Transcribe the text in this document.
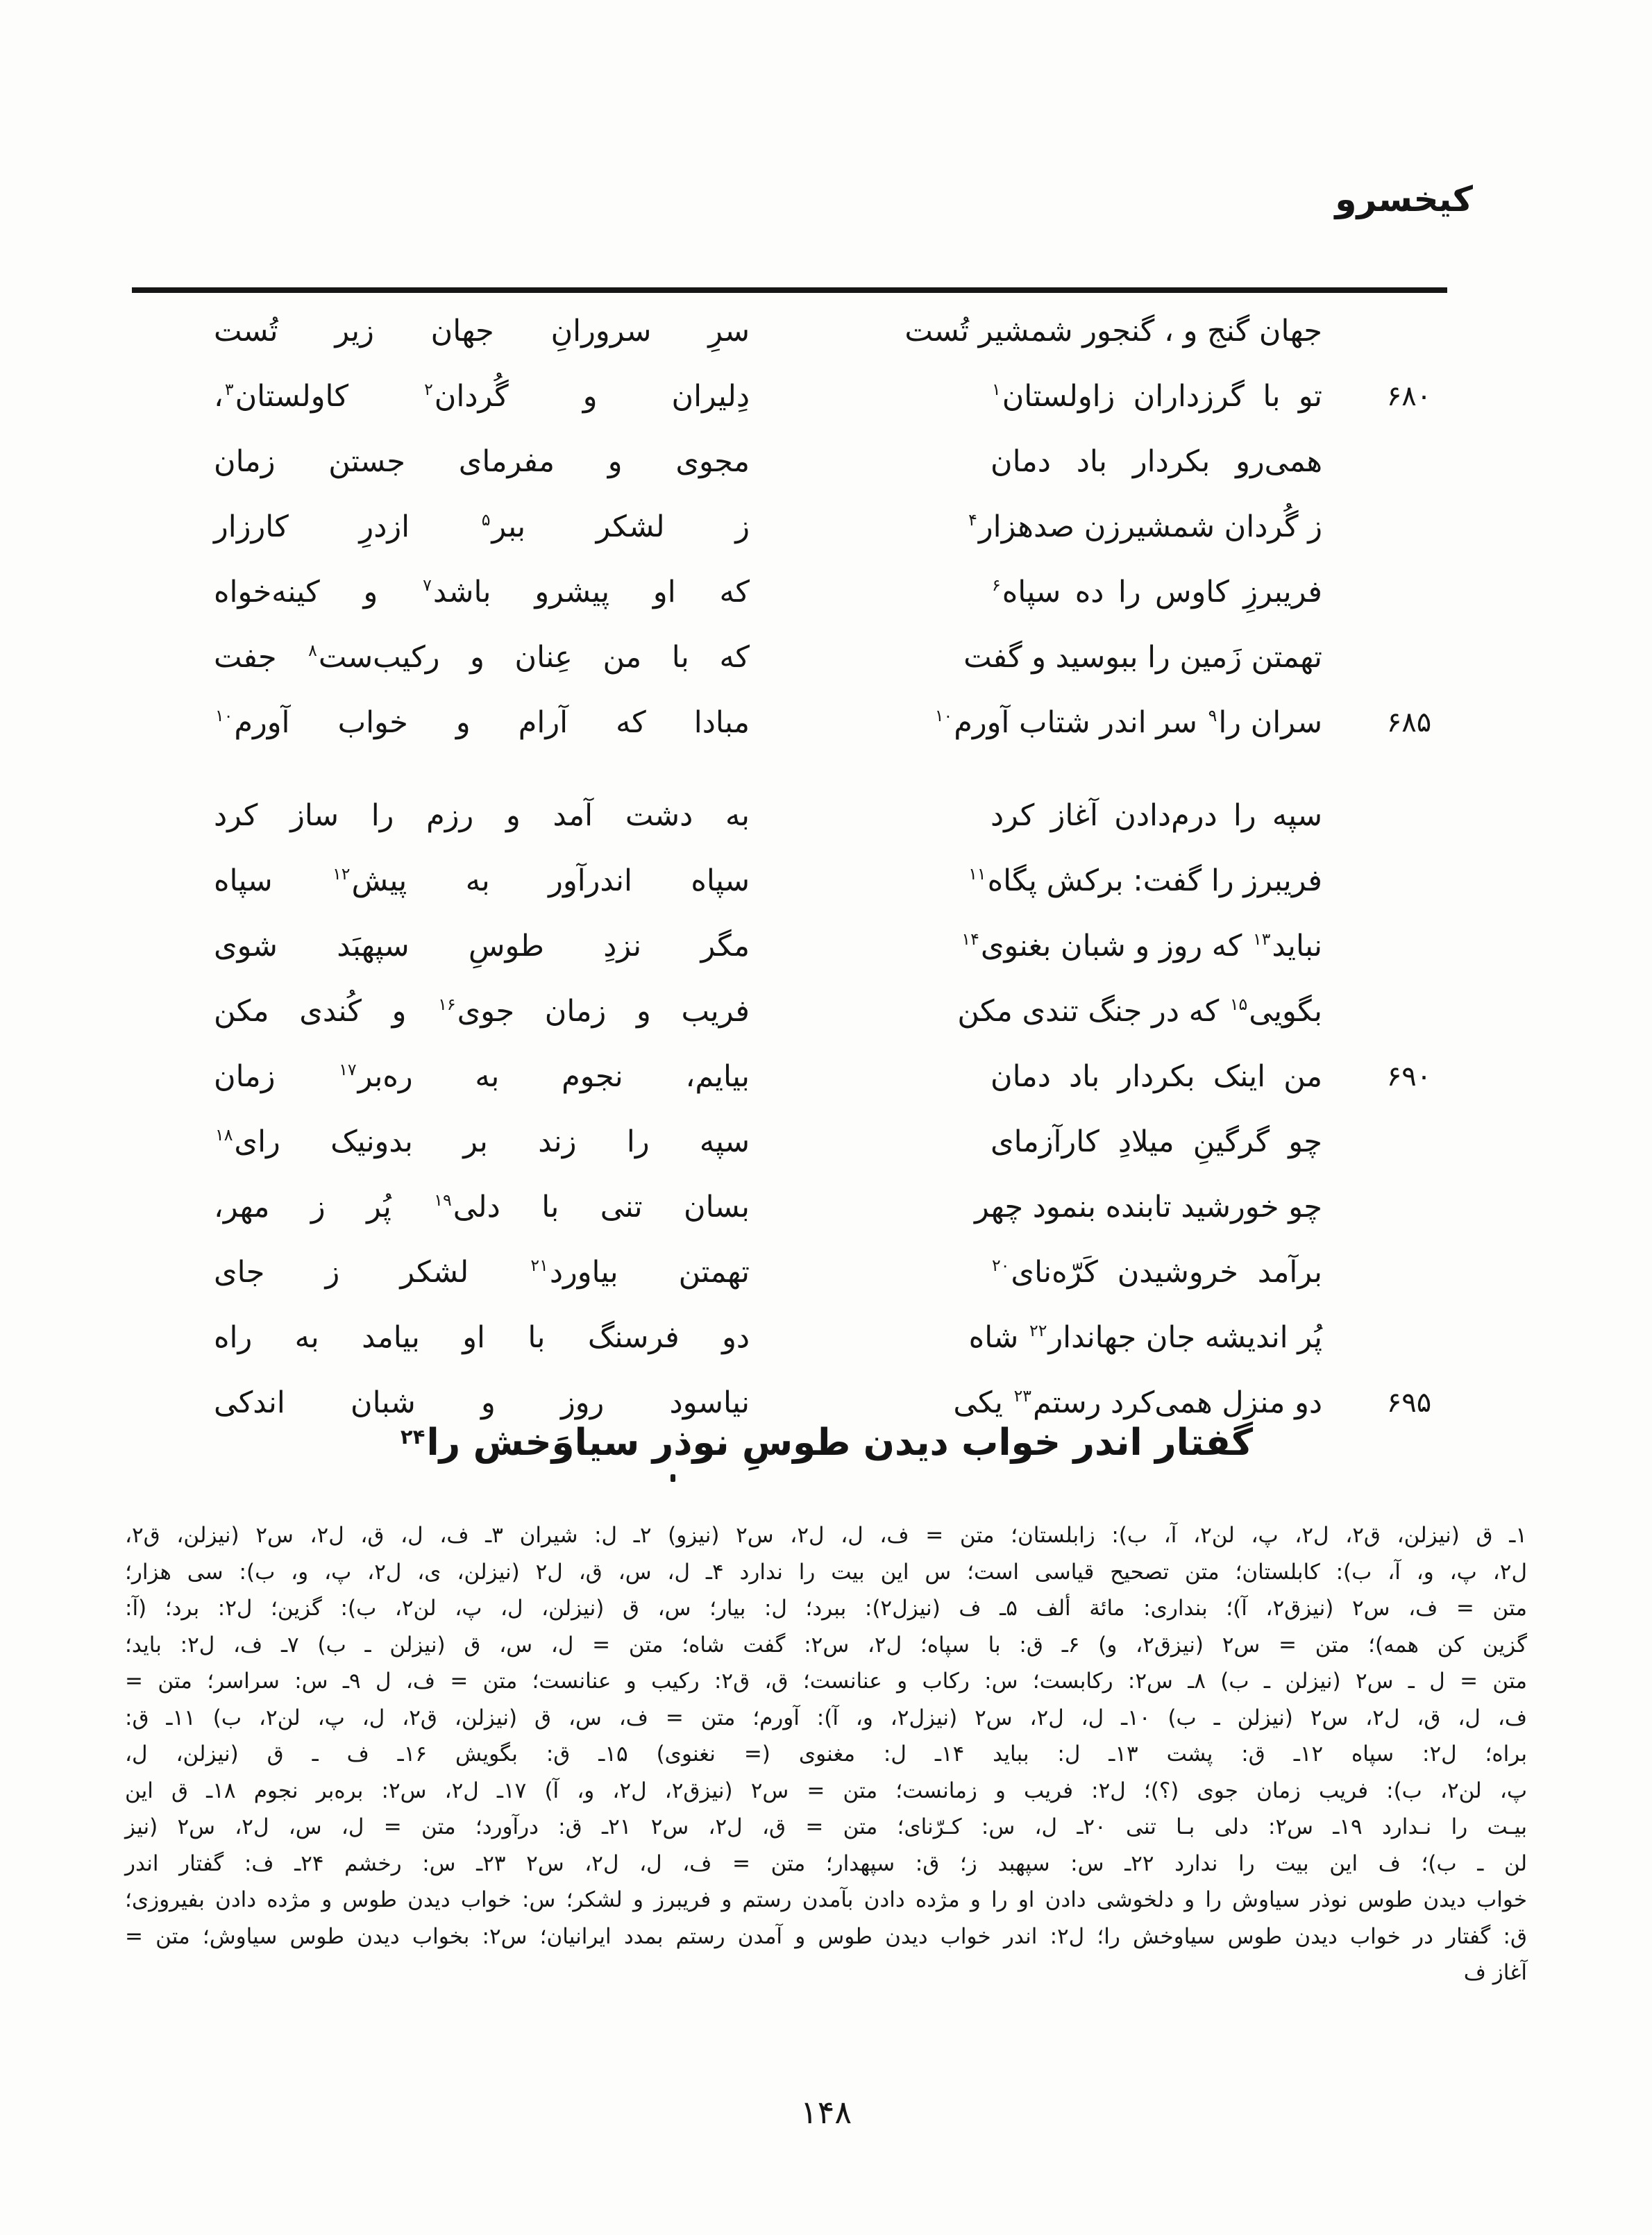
کیخسرو
جهان گنج و ، گنجور شمشیر تُست
سرِ سرورانِ جهان زیر تُست
۶۸۰
تو با گرزداران زاولستان$^۱$
دِلیران و گُردان$^۲$ کاولستان$^۳$،
همی‌رو بکردار باد دمان
مجوی و مفرمای جستن زمان
ز گُردان شمشیرزن صدهزار$^۴$
ز لشکر ببر$^۵$ ازدرِ کارزار
فریبرزِ کاوس را ده سپاه$^۶$
که او پیشرو باشد$^۷$ و کینه‌خواه
تهمتن زَمین را ببوسید و گفت
که با من عِنان و رکیب‌ست$^۸$ جفت
۶۸۵
سران را$^۹$ سر اندر شتاب آورم$^{۱۰}$
مبادا که آرام و خواب آورم$^{۱۰}$
سپه را درم‌دادن آغاز کرد
به دشت آمد و رزم را ساز کرد
فریبرز را گفت: برکش پگاه$^{۱۱}$
سپاه اندرآور به پیش$^{۱۲}$ سپاه
نباید$^{۱۳}$ که روز و شبان بغنوی$^{۱۴}$
مگر نزدِ طوسِ سپهبَد شوی
بگویی$^{۱۵}$ که در جنگ تندی مکن
فریب و زمان جوی$^{۱۶}$ و کُندی مکن
۶۹۰
من اینک بکردار باد دمان
بیایم، نجوم به ره‌بر$^{۱۷}$ زمان
چو گرگینِ میلادِ کارآزمای
سپه را زند بر بدونیک رای$^{۱۸}$
چو خورشید تابنده بنمود چهر
بسان تنی با دلی$^{۱۹}$ پُر ز مهر،
برآمد خروشیدن کَرّه‌نای$^{۲۰}$
تهمتن بیاورد$^{۲۱}$ لشکر ز جای
پُر اندیشه جان جهاندار$^{۲۲}$ شاه
دو فرسنگ با او بیامد به راه
۶۹۵
دو منزل همی‌کرد رستم$^{۲۳}$ یکی
نیاسود روز و شبان اندکی
گفتار اندر خواب دیدن طوسِ نوذر سیاوَخش را$^{۲۴}$
۱ـ ق (نیزلن، ق۲، ل۲، پ، لن۲، آ، ب): زابلستان؛ متن = ف، ل، ل۲، س۲ (نیزو) ۲ـ ل: شیران ۳ـ ف، ل، ق، ل۲، س۲ (نیزلن، ق۲،
ل۲، پ، و، آ، ب): کابلستان؛ متن تصحیح قیاسی است؛ س این بیت را ندارد ۴ـ ل، س، ق، ل۲ (نیزلن، ی، ل۲، پ، و، ب): سی هزار؛
متن = ف، س۲ (نیزق۲، آ)؛ بنداری: مائة ألف ۵ـ ف (نیزل۲): ببرد؛ ل: بیار؛ س، ق (نیزلن، ل، پ، لن۲، ب): گزین؛ ل۲: برد؛ (آ:
گزین کن همه)؛ متن = س۲ (نیزق۲، و) ۶ـ ق: با سپاه؛ ل۲، س۲: گفت شاه؛ متن = ل، س، ق (نیزلن ـ ب) ۷ـ ف، ل۲: باید؛
متن = ل ـ س۲ (نیزلن ـ ب) ۸ـ س۲: رکابست؛ س: رکاب و عنانست؛ ق، ق۲: رکیب و عنانست؛ متن = ف، ل ۹ـ س: سراسر؛ متن =
ف، ل، ق، ل۲، س۲ (نیزلن ـ ب) ۱۰ـ ل، ل۲، س۲ (نیزل۲، و، آ): آورم؛ متن = ف، س، ق (نیزلن، ق۲، ل، پ، لن۲، ب) ۱۱ـ ق:
براه؛ ل۲: سپاه ۱۲ـ ق: پشت ۱۳ـ ل: بباید ۱۴ـ ل: مغنوی (= نغنوی) ۱۵ـ ق: بگویش ۱۶ـ ف ـ ق (نیزلن، ل،
پ، لن۲، ب): فریب زمان جوی (؟)؛ ل۲: فریب و زمانست؛ متن = س۲ (نیزق۲، ل۲، و، آ) ۱۷ـ ل۲، س۲: بره‌بر نجوم ۱۸ـ ق این
بیـت را نـدارد ۱۹ـ س۲: دلی بـا تنی ۲۰ـ ل، س: کـرّنای؛ متن = ق، ل۲، س۲ ۲۱ـ ق: درآورد؛ متن = ل، س، ل۲، س۲ (نیز
لن ـ ب)؛ ف این بیت را ندارد ۲۲ـ س: سپهبد ز؛ ق: سپهدار؛ متن = ف، ل، ل۲، س۲ ۲۳ـ س: رخشم ۲۴ـ ف: گفتار اندر
خواب دیدن طوس نوذر سیاوش را و دلخوشی دادن او را و مژده دادن بآمدن رستم و فریبرز و لشکر؛ س: خواب دیدن طوس و مژده دادن بفیروزی؛
ق: گفتار در خواب دیدن طوس سیاوخش را؛ ل۲: اندر خواب دیدن طوس و آمدن رستم بمدد ایرانیان؛ س۲: بخواب دیدن طوس سیاوش؛ متن =
آغاز ف
۱۴۸
